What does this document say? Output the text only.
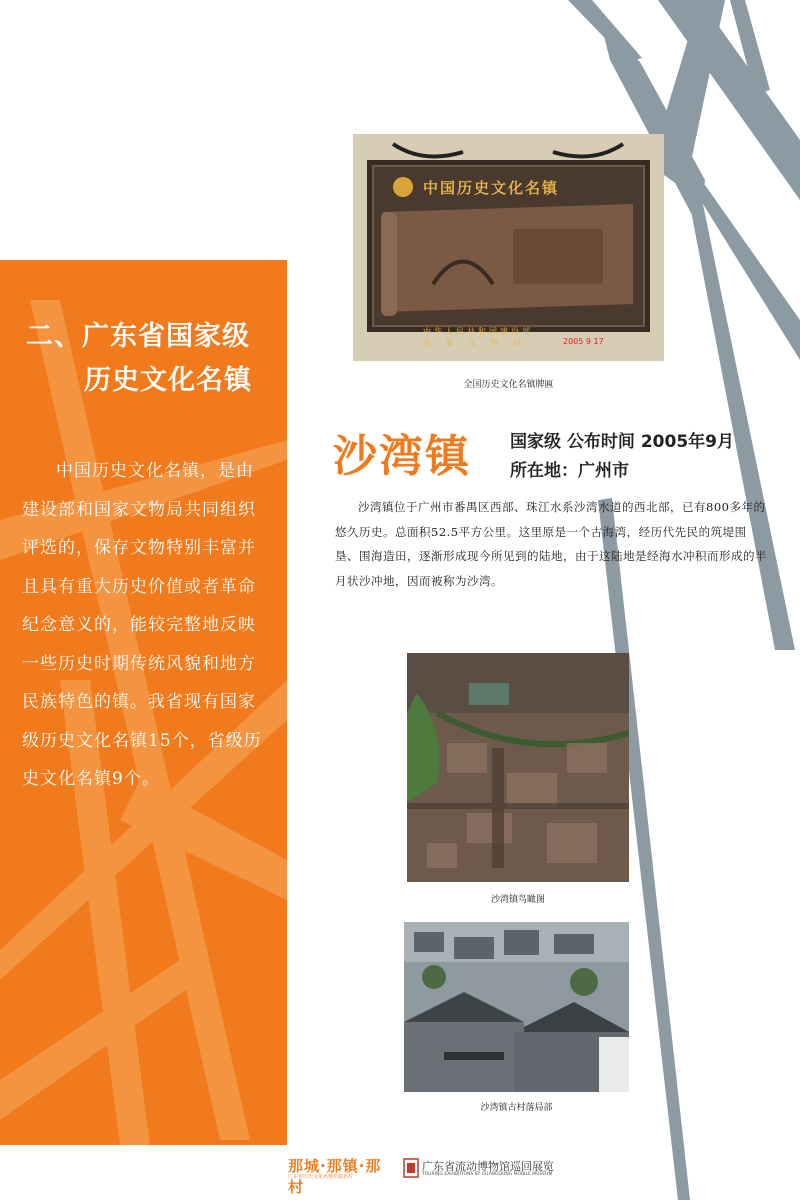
二、广东省国家级
历史文化名镇
中国历史文化名镇，是由建设部和国家文物局共同组织评选的，保存文物特别丰富并且具有重大历史价值或者革命纪念意义的，能较完整地反映一些历史时期传统风貌和地方民族特色的镇。我省现有国家级历史文化名镇15个，省级历史文化名镇9个。
中国历史文化名镇
中华人民共和国建设部
国 家 文 物 局	2005 9 17
全国历史文化名镇牌匾
沙湾镇 国家级 公布时间 2005年9月
所在地：广州市
沙湾镇位于广州市番禺区西部、珠江水系沙湾水道的西北部，已有800多年的悠久历史。总面积52.5平方公里。这里原是一个古海湾，经历代先民的筑堤围垦、围海造田，逐渐形成现今所见到的陆地，由于这陆地是经海水冲积而形成的半月状沙冲地，因而被称为沙湾。
沙湾镇鸟瞰图
沙湾镇古村落局部
那城·那镇·那村
广东省历史文化名城名镇名村
广东省流动博物馆巡回展览
TOURING EXHIBITIONS BY GUANGDONG MOBILE MUSEUM
